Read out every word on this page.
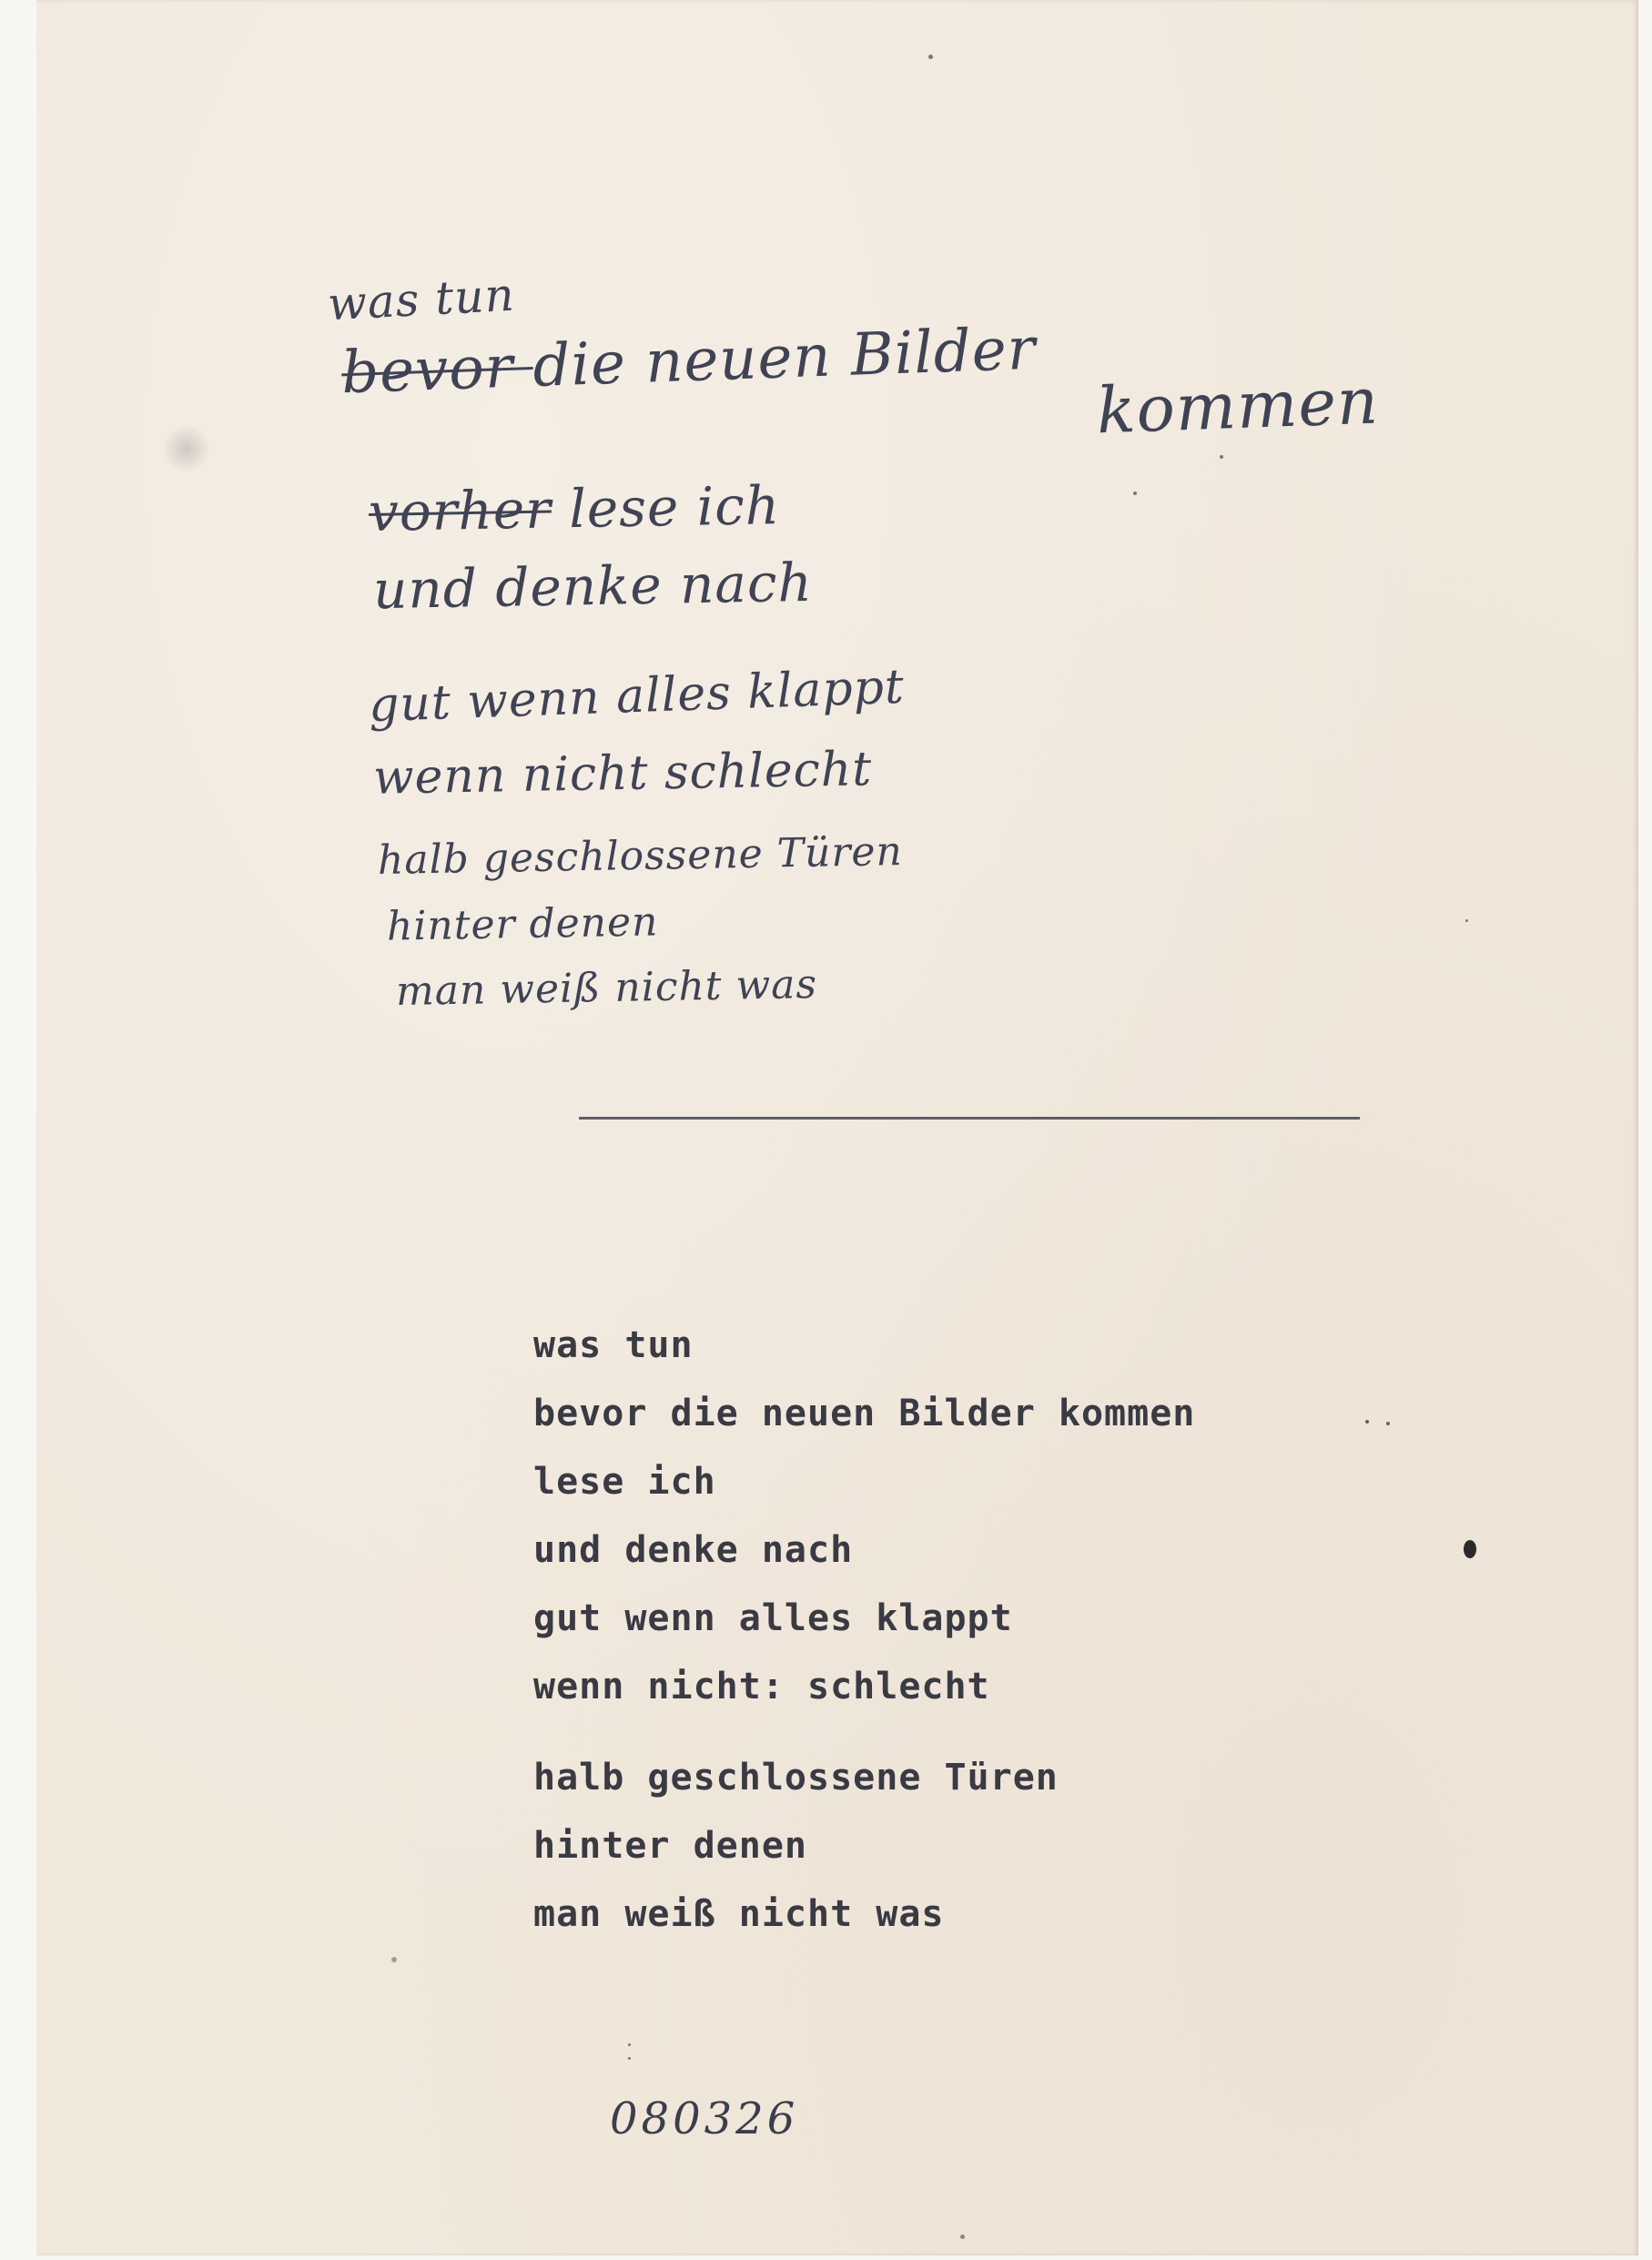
was tun
bevor die neuen Bilder
kommen
vorher lese ich
und denke nach
gut wenn alles klappt
wenn nicht schlecht
halb geschlossene Türen
hinter denen
man weiß nicht was
was tun
bevor die neuen Bilder kommen
lese ich
und denke nach
gut wenn alles klappt
wenn nicht: schlecht
halb geschlossene Türen
hinter denen
man weiß nicht was
080326
